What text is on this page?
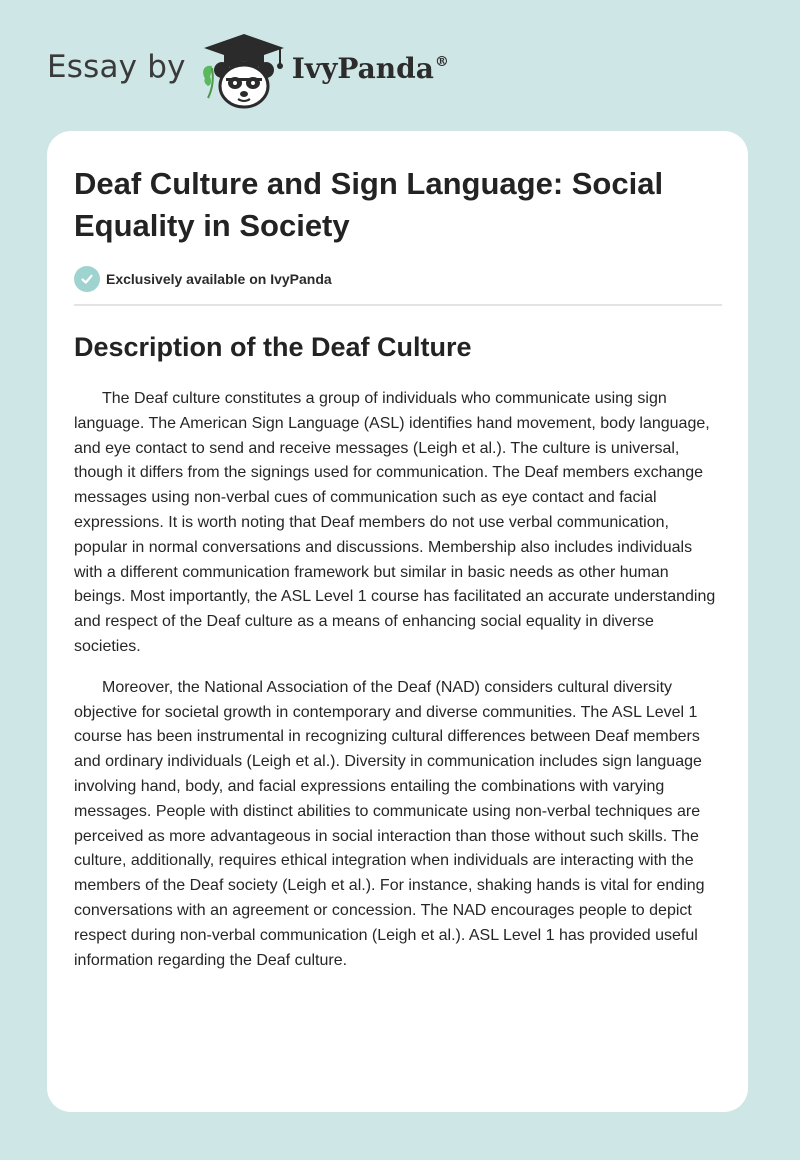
Essay by	IvyPanda®
Deaf Culture and Sign Language: Social Equality in Society
Exclusively available on IvyPanda
Description of the Deaf Culture

The Deaf culture constitutes a group of individuals who communicate using sign language. The American Sign Language (ASL) identifies hand movement, body language, and eye contact to send and receive messages (Leigh et al.). The culture is universal, though it differs from the signings used for communication. The Deaf members exchange messages using non-verbal cues of communication such as eye contact and facial expressions. It is worth noting that Deaf members do not use verbal communication, popular in normal conversations and discussions. Membership also includes individuals with a different communication framework but similar in basic needs as other human beings. Most importantly, the ASL Level 1 course has facilitated an accurate understanding and respect of the Deaf culture as a means of enhancing social equality in diverse societies.

Moreover, the National Association of the Deaf (NAD) considers cultural diversity objective for societal growth in contemporary and diverse communities. The ASL Level 1 course has been instrumental in recognizing cultural differences between Deaf members and ordinary individuals (Leigh et al.). Diversity in communication includes sign language involving hand, body, and facial expressions entailing the combinations with varying messages. People with distinct abilities to communicate using non-verbal techniques are perceived as more advantageous in social interaction than those without such skills. The culture, additionally, requires ethical integration when individuals are interacting with the members of the Deaf society (Leigh et al.). For instance, shaking hands is vital for ending conversations with an agreement or concession. The NAD encourages people to depict respect during non-verbal communication (Leigh et al.). ASL Level 1 has provided useful information regarding the Deaf culture.
